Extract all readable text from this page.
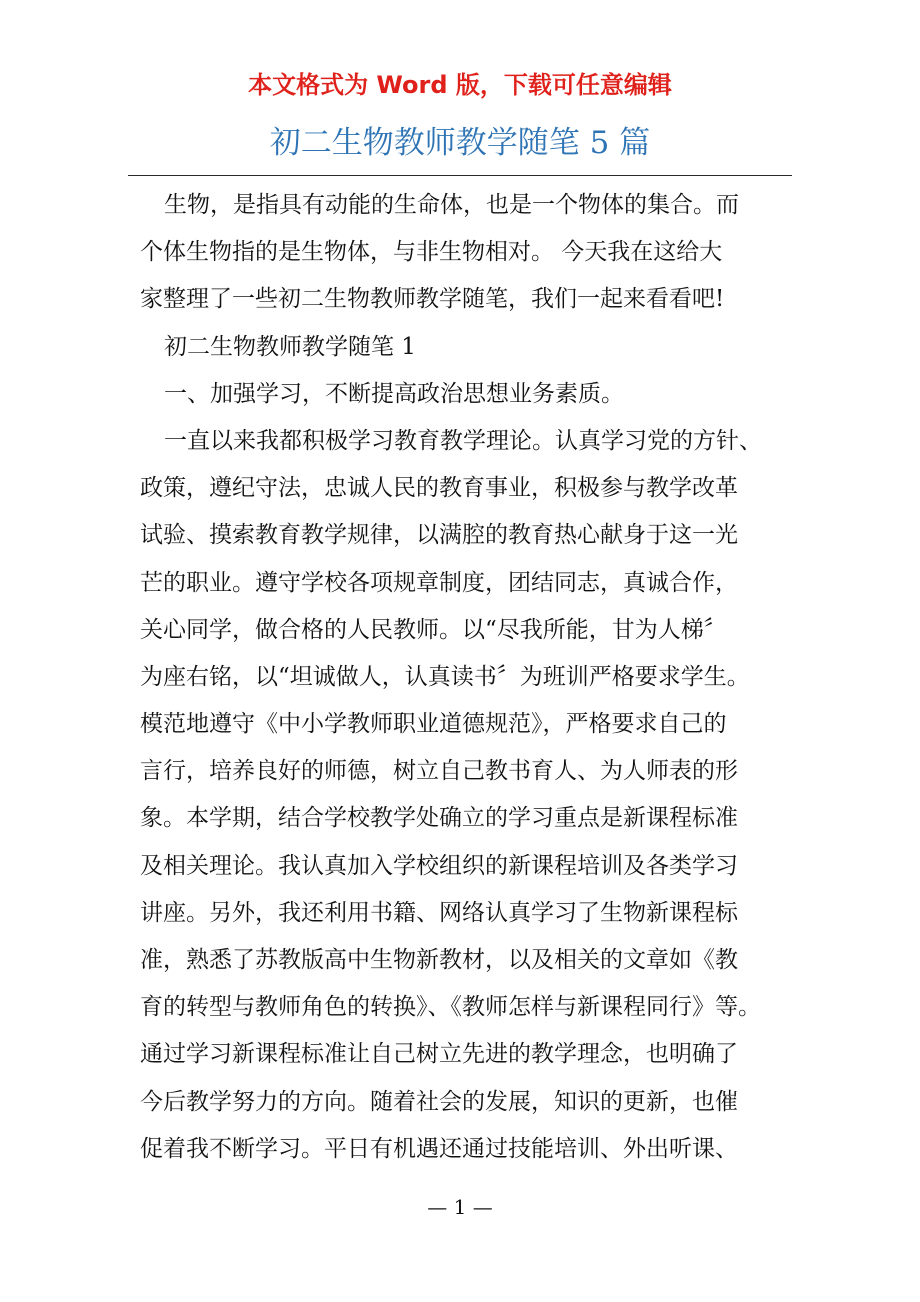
本文格式为 Word 版，下载可任意编辑
初二生物教师教学随笔 5 篇
生物，是指具有动能的生命体，也是一个物体的集合。而
个体生物指的是生物体，与非生物相对。 今天我在这给大
家整理了一些初二生物教师教学随笔，我们一起来看看吧!
初二生物教师教学随笔 1
一、加强学习，不断提高政治思想业务素质。
一直以来我都积极学习教育教学理论。认真学习党的方针、
政策，遵纪守法，忠诚人民的教育事业，积极参与教学改革
试验、摸索教育教学规律，以满腔的教育热心献身于这一光
芒的职业。遵守学校各项规章制度，团结同志，真诚合作，
关心同学，做合格的人民教师。以“尽我所能，甘为人梯〞
为座右铭，以“坦诚做人，认真读书〞为班训严格要求学生。
模范地遵守《中小学教师职业道德规范》，严格要求自己的
言行，培养良好的师德，树立自己教书育人、为人师表的形
象。本学期，结合学校教学处确立的学习重点是新课程标准
及相关理论。我认真加入学校组织的新课程培训及各类学习
讲座。另外，我还利用书籍、网络认真学习了生物新课程标
准，熟悉了苏教版高中生物新教材，以及相关的文章如《教
育的转型与教师角色的转换》、《教师怎样与新课程同行》等。
通过学习新课程标准让自己树立先进的教学理念，也明确了
今后教学努力的方向。随着社会的发展，知识的更新，也催
促着我不断学习。平日有机遇还通过技能培训、外出听课、
— 1 —
